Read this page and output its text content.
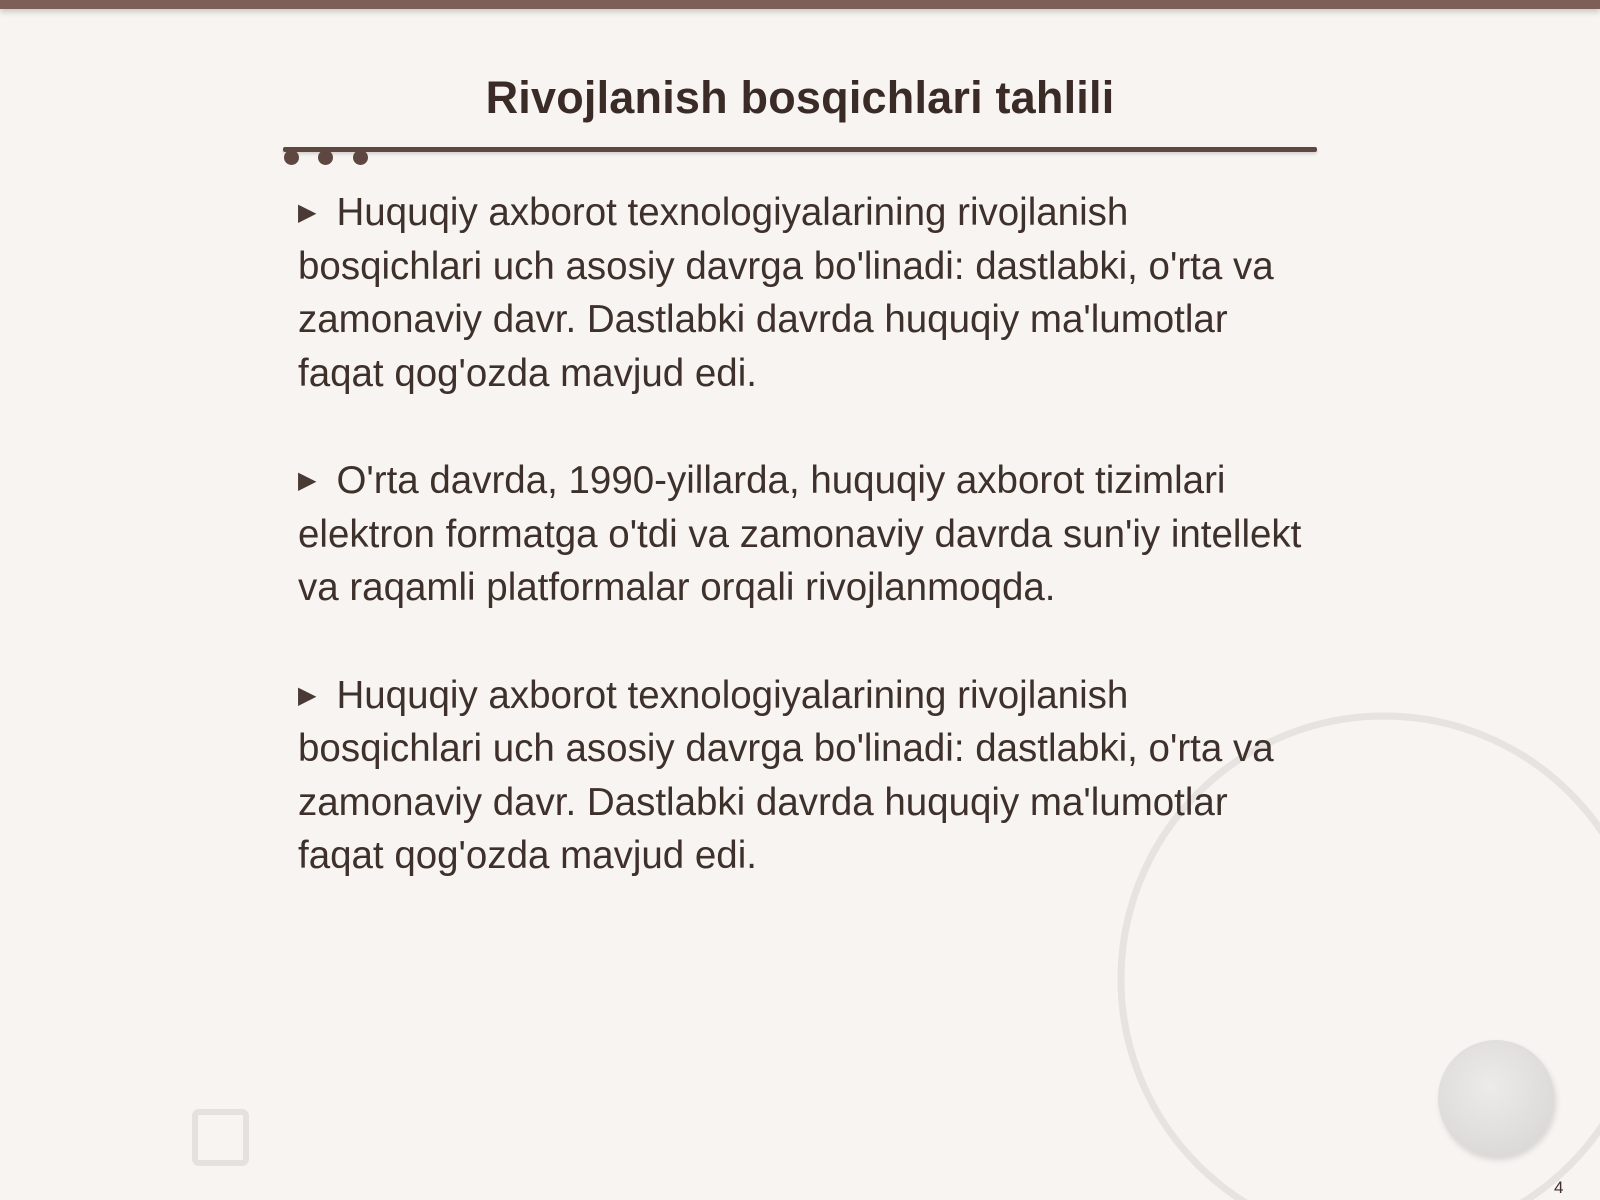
Rivojlanish bosqichlari tahlili

▶ Huquqiy axborot texnologiyalarining rivojlanish bosqichlari uch asosiy davrga bo'linadi: dastlabki, o'rta va zamonaviy davr. Dastlabki davrda huquqiy ma'lumotlar faqat qog'ozda mavjud edi.

▶ O'rta davrda, 1990-yillarda, huquqiy axborot tizimlari elektron formatga o'tdi va zamonaviy davrda sun'iy intellekt va raqamli platformalar orqali rivojlanmoqda.

▶ Huquqiy axborot texnologiyalarining rivojlanish bosqichlari uch asosiy davrga bo'linadi: dastlabki, o'rta va zamonaviy davr. Dastlabki davrda huquqiy ma'lumotlar faqat qog'ozda mavjud edi.

4
